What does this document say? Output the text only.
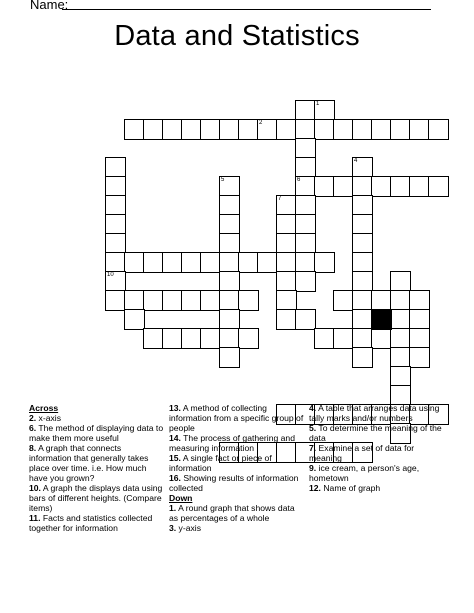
Name:
Data and Statistics
1
2
4
5	6
7
10
Across
2. x-axis
6. The method of displaying data to make them more useful
8. A graph that connects information that generally takes place over time. i.e. How much have you grown?
10. A graph the displays data using bars of different heights. (Compare items)
11. Facts and statistics collected together for information
13. A method of collecting information from a specific group of people
14. The process of gathering and measuring information
15. A single fact or piece of information
16. Showing results of information collected
Down
1. A round graph that shows data as percentages of a whole
3. y-axis
4. A table that arranges data using tally marks and/or numbers
5. To determine the meaning of the data
7. Examine a set of data for meaning
9. ice cream, a person's age, hometown
12. Name of graph
